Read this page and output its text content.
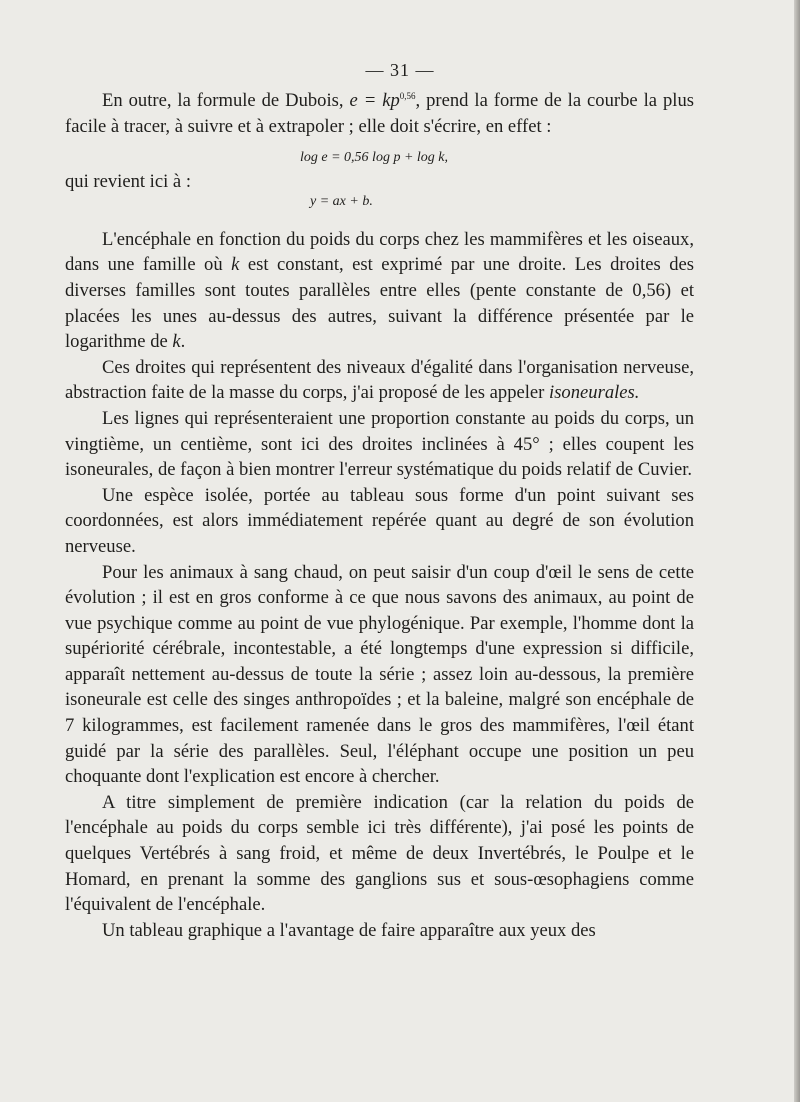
— 31 —

En outre, la formule de Dubois, e = kp$^{0,56}$, prend la forme de la courbe la plus facile à tracer, à suivre et à extrapoler ; elle doit s'écrire, en effet :

log e = 0,56 log p + log k,

qui revient ici à :

y = ax + b.

L'encéphale en fonction du poids du corps chez les mammifères et les oiseaux, dans une famille où k est constant, est exprimé par une droite. Les droites des diverses familles sont toutes parallèles entre elles (pente constante de 0,56) et placées les unes au-dessus des autres, suivant la différence présentée par le logarithme de k.

Ces droites qui représentent des niveaux d'égalité dans l'organisation nerveuse, abstraction faite de la masse du corps, j'ai proposé de les appeler isoneurales.

Les lignes qui représenteraient une proportion constante au poids du corps, un vingtième, un centième, sont ici des droites inclinées à 45° ; elles coupent les isoneurales, de façon à bien montrer l'erreur systématique du poids relatif de Cuvier.

Une espèce isolée, portée au tableau sous forme d'un point suivant ses coordonnées, est alors immédiatement repérée quant au degré de son évolution nerveuse.

Pour les animaux à sang chaud, on peut saisir d'un coup d'œil le sens de cette évolution ; il est en gros conforme à ce que nous savons des animaux, au point de vue psychique comme au point de vue phylogénique. Par exemple, l'homme dont la supériorité cérébrale, incontestable, a été longtemps d'une expression si difficile, apparaît nettement au-dessus de toute la série ; assez loin au-dessous, la première isoneurale est celle des singes anthropoïdes ; et la baleine, malgré son encéphale de 7 kilogrammes, est facilement ramenée dans le gros des mammifères, l'œil étant guidé par la série des parallèles. Seul, l'éléphant occupe une position un peu choquante dont l'explication est encore à chercher.

A titre simplement de première indication (car la relation du poids de l'encéphale au poids du corps semble ici très différente), j'ai posé les points de quelques Vertébrés à sang froid, et même de deux Invertébrés, le Poulpe et le Homard, en prenant la somme des ganglions sus et sous-œsophagiens comme l'équivalent de l'encéphale.

Un tableau graphique a l'avantage de faire apparaître aux yeux des
